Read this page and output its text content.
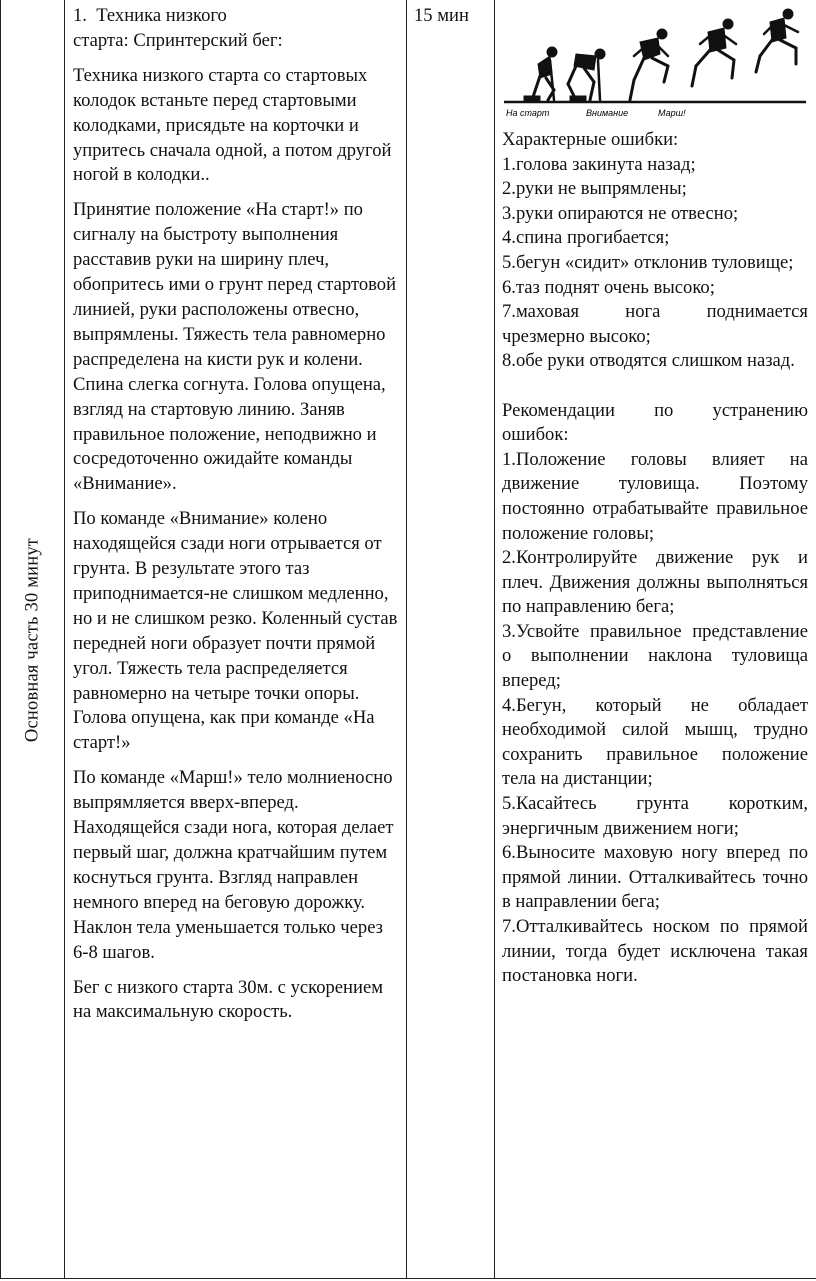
Основная часть 30 минут
1.  Техника низкого
старта: Спринтерский бег:

Техника низкого старта со стартовых колодок встаньте перед стартовыми колодками, присядьте на корточки и упритесь сначала одной, а потом другой ногой в колодки..

Принятие положение «На старт!» по сигналу на быстроту выполнения расставив руки на ширину плеч, обопритесь ими о грунт перед стартовой линией, руки расположены отвесно, выпрямлены. Тяжесть тела равномерно распределена на кисти рук и колени. Спина слегка согнута. Голова опущена, взгляд на стартовую линию. Заняв правильное положение, неподвижно и сосредоточенно ожидайте команды «Внимание».

По команде «Внимание» колено находящейся сзади ноги отрывается от грунта. В результате этого таз приподнимается-не слишком медленно, но и не слишком резко. Коленный сустав передней ноги образует почти прямой угол. Тяжесть тела распределяется равномерно на четыре точки опоры. Голова опущена, как при команде «На старт!»

По команде «Марш!» тело молниеносно выпрямляется вверх-вперед. Находящейся сзади нога, которая делает первый шаг, должна кратчайшим путем коснуться грунта. Взгляд направлен немного вперед на беговую дорожку. Наклон тела уменьшается только через 6-8 шагов.

Бег с низкого старта 30м. с ускорением на максимальную скорость.

15 мин
На старт	Внимание	Марш!
Характерные ошибки:
1.голова закинута назад;
2.руки не выпрямлены;
3.руки опираются не отвесно;
4.спина прогибается;
5.бегун «сидит» отклонив туловище;
6.таз поднят очень высоко;
7.маховая нога поднимается чрезмерно высоко;
8.обе руки отводятся слишком назад.
Рекомендации по устранению ошибок:
1.Положение головы влияет на движение туловища. Поэтому постоянно отрабатывайте правильное положение головы;
2.Контролируйте движение рук и плеч. Движения должны выполняться по направлению бега;
3.Усвойте правильное представление о выполнении наклона туловища вперед;
4.Бегун, который не обладает необходимой силой мышц, трудно сохранить правильное положение тела на дистанции;
5.Касайтесь грунта коротким, энергичным движением ноги;
6.Выносите маховую ногу вперед по прямой линии. Отталкивайтесь точно в направлении бега;
7.Отталкивайтесь носком по прямой линии, тогда будет исключена такая постановка ноги.
